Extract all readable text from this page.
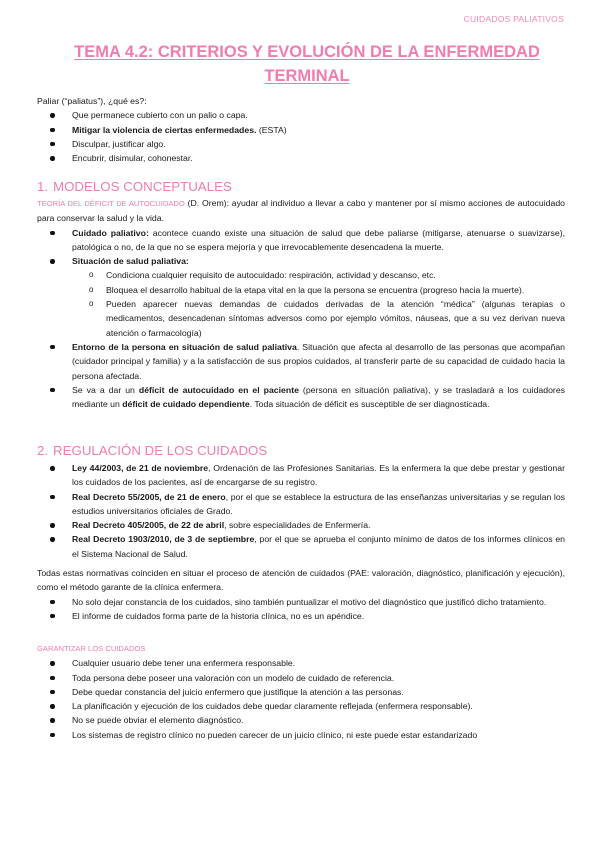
CUIDADOS PALIATIVOS
TEMA 4.2: CRITERIOS Y EVOLUCIÓN DE LA ENFERMEDAD TERMINAL
Paliar (“paliatus”), ¿qué es?:
Que permanece cubierto con un palio o capa.
Mitigar la violencia de ciertas enfermedades. (ESTA)
Disculpar, justificar algo.
Encubrir, disimular, cohonestar.
1. MODELOS CONCEPTUALES
TEORÍA DEL DÉFICIT DE AUTOCUIDADO (D. Orem): ayudar al individuo a llevar a cabo y mantener por sí mismo acciones de autocuidado para conservar la salud y la vida.
Cuidado paliativo: acontece cuando existe una situación de salud que debe paliarse (mitigarse, atenuarse o suavizarse), patológica o no, de la que no se espera mejoría y que irrevocablemente desencadena la muerte.
Situación de salud paliativa:
o Condiciona cualquier requisito de autocuidado: respiración, actividad y descanso, etc.
o Bloquea el desarrollo habitual de la etapa vital en la que la persona se encuentra (progreso hacia la muerte).
o Pueden aparecer nuevas demandas de cuidados derivadas de la atención “médica” (algunas terapias o medicamentos, desencadenan síntomas adversos como por ejemplo vómitos, náuseas, que a su vez derivan nueva atención o farmacología)
Entorno de la persona en situación de salud paliativa. Situación que afecta al desarrollo de las personas que acompañan (cuidador principal y familia) y a la satisfacción de sus propios cuidados, al transferir parte de su capacidad de cuidado hacia la persona afectada.
Se va a dar un déficit de autocuidado en el paciente (persona en situación paliativa), y se trasladará a los cuidadores mediante un déficit de cuidado dependiente. Toda situación de déficit es susceptible de ser diagnosticada.
2. REGULACIÓN DE LOS CUIDADOS
Ley 44/2003, de 21 de noviembre, Ordenación de las Profesiones Sanitarias. Es la enfermera la que debe prestar y gestionar los cuidados de los pacientes, así de encargarse de su registro.
Real Decreto 55/2005, de 21 de enero, por el que se establece la estructura de las enseñanzas universitarias y se regulan los estudios universitarios oficiales de Grado.
Real Decreto 405/2005, de 22 de abril, sobre especialidades de Enfermería.
Real Decreto 1903/2010, de 3 de septiembre, por el que se aprueba el conjunto mínimo de datos de los informes clínicos en el Sistema Nacional de Salud.
Todas estas normativas coinciden en situar el proceso de atención de cuidados (PAE: valoración, diagnóstico, planificación y ejecución), como el método garante de la clínica enfermera.
No solo dejar constancia de los cuidados, sino también puntualizar el motivo del diagnóstico que justificó dicho tratamiento.
El informe de cuidados forma parte de la historia clínica, no es un apéndice.
GARANTIZAR LOS CUIDADOS
Cualquier usuario debe tener una enfermera responsable.
Toda persona debe poseer una valoración con un modelo de cuidado de referencia.
Debe quedar constancia del juicio enfermero que justifique la atención a las personas.
La planificación y ejecución de los cuidados debe quedar claramente reflejada (enfermera responsable).
No se puede obviar el elemento diagnóstico.
Los sistemas de registro clínico no pueden carecer de un juicio clínico, ni este puede estar estandarizado
